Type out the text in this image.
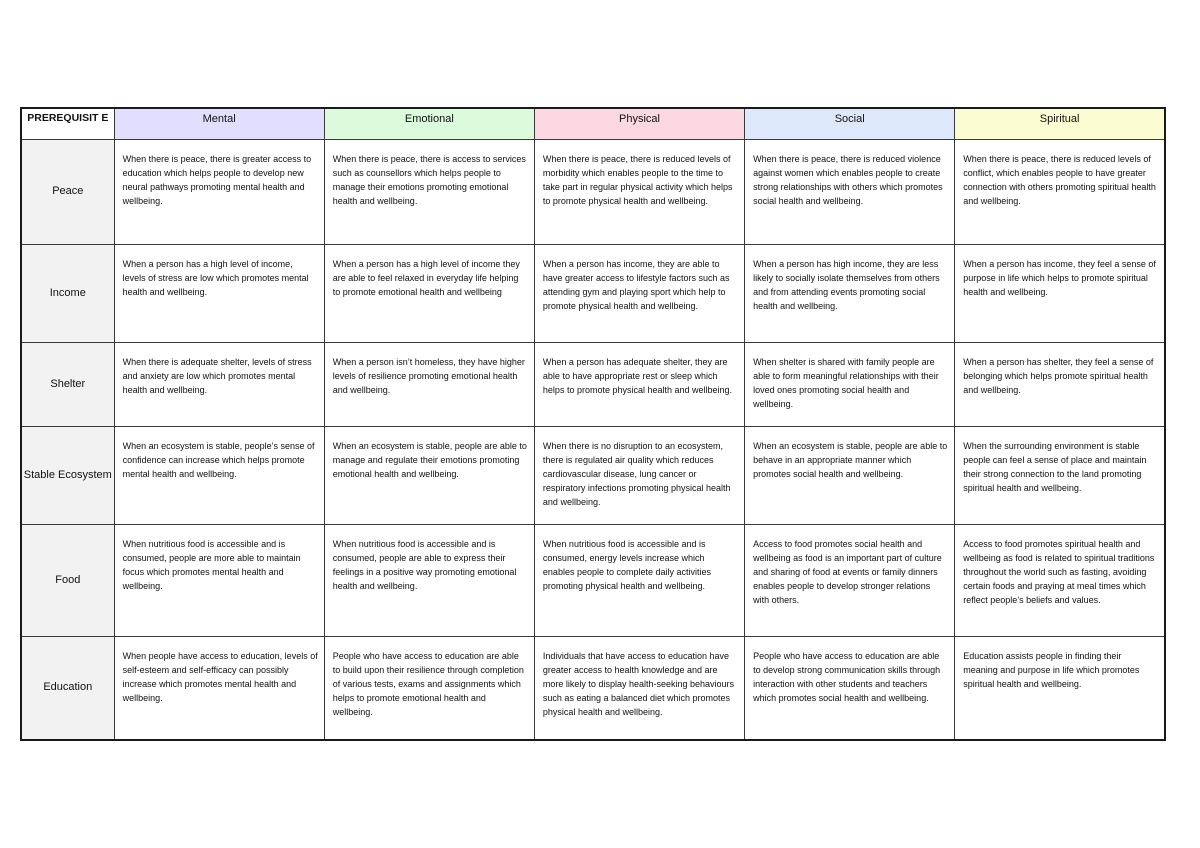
PREREQUISIT E	Mental	Emotional	Physical	Social	Spiritual
Peace	When there is peace, there is greater access to education which helps people to develop new neural pathways promoting mental health and wellbeing.	When there is peace, there is access to services such as counsellors which helps people to manage their emotions promoting emotional health and wellbeing.	When there is peace, there is reduced levels of morbidity which enables people to the time to take part in regular physical activity which helps to promote physical health and wellbeing.	When there is peace, there is reduced violence against women which enables people to create strong relationships with others which promotes social health and wellbeing.	When there is peace, there is reduced levels of conflict, which enables people to have greater connection with others promoting spiritual health and wellbeing.
Income	When a person has a high level of income, levels of stress are low which promotes mental health and wellbeing.	When a person has a high level of income they are able to feel relaxed in everyday life helping to promote emotional health and wellbeing	When a person has income, they are able to have greater access to lifestyle factors such as attending gym and playing sport which help to promote physical health and wellbeing.	When a person has high income, they are less likely to socially isolate themselves from others and from attending events promoting social health and wellbeing.	When a person has income, they feel a sense of purpose in life which helps to promote spiritual health and wellbeing.
Shelter	When there is adequate shelter, levels of stress and anxiety are low which promotes mental health and wellbeing.	When a person isn’t homeless, they have higher levels of resilience promoting emotional health and wellbeing.	When a person has adequate shelter, they are able to have appropriate rest or sleep which helps to promote physical health and wellbeing.	When shelter is shared with family people are able to form meaningful relationships with their loved ones promoting social health and wellbeing.	When a person has shelter, they feel a sense of belonging which helps promote spiritual health and wellbeing.
Stable Ecosystem	When an ecosystem is stable, people’s sense of confidence can increase which helps promote mental health and wellbeing.	When an ecosystem is stable, people are able to manage and regulate their emotions promoting emotional health and wellbeing.	When there is no disruption to an ecosystem, there is regulated air quality which reduces cardiovascular disease, lung cancer or respiratory infections promoting physical health and wellbeing.	When an ecosystem is stable, people are able to behave in an appropriate manner which promotes social health and wellbeing.	When the surrounding environment is stable people can feel a sense of place and maintain their strong connection to the land promoting spiritual health and wellbeing.
Food	When nutritious food is accessible and is consumed, people are more able to maintain focus which promotes mental health and wellbeing.	When nutritious food is accessible and is consumed, people are able to express their feelings in a positive way promoting emotional health and wellbeing.	When nutritious food is accessible and is consumed, energy levels increase which enables people to complete daily activities promoting physical health and wellbeing.	Access to food promotes social health and wellbeing as food is an important part of culture and sharing of food at events or family dinners enables people to develop stronger relations with others.	Access to food promotes spiritual health and wellbeing as food is related to spiritual traditions throughout the world such as fasting, avoiding certain foods and praying at meal times which reflect people’s beliefs and values.
Education	When people have access to education, levels of self-esteem and self-efficacy can possibly increase which promotes mental health and wellbeing.	People who have access to education are able to build upon their resilience through completion of various tests, exams and assignments which helps to promote emotional health and wellbeing.	Individuals that have access to education have greater access to health knowledge and are more likely to display health-seeking behaviours such as eating a balanced diet which promotes physical health and wellbeing.	People who have access to education are able to develop strong communication skills through interaction with other students and teachers which promotes social health and wellbeing.	Education assists people in finding their meaning and purpose in life which promotes spiritual health and wellbeing.
